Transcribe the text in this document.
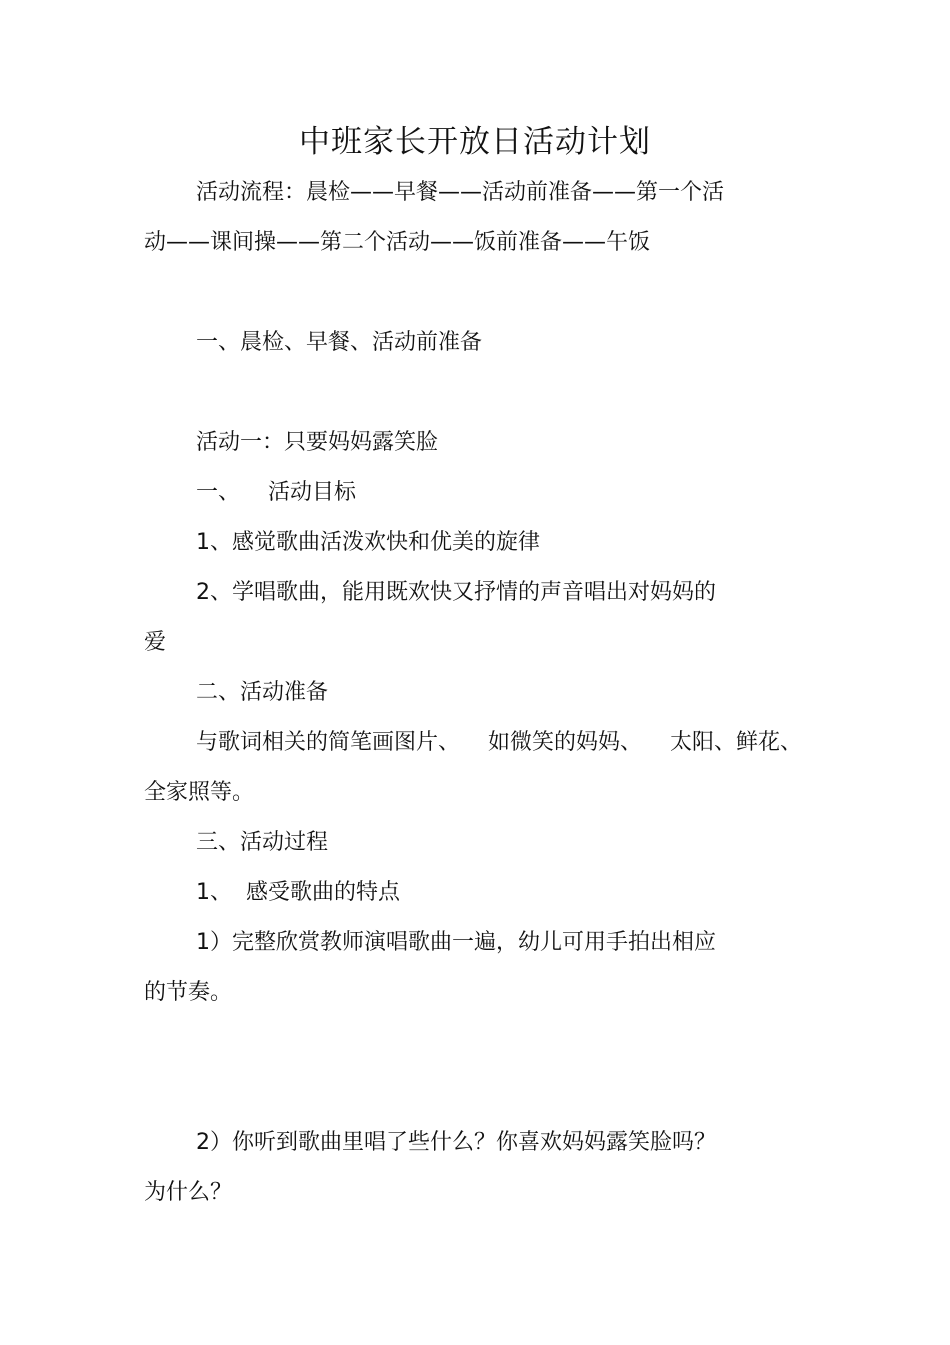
中班家长开放日活动计划
活动流程：晨检——早餐——活动前准备——第一个活
动——课间操——第二个活动——饭前准备——午饭
一、晨检、早餐、活动前准备
活动一：只要妈妈露笑脸
一、 活动目标
1、感觉歌曲活泼欢快和优美的旋律
2、学唱歌曲，能用既欢快又抒情的声音唱出对妈妈的
爱
二、活动准备
与歌词相关的简笔画图片、 如微笑的妈妈、 太阳、鲜花、
全家照等。
三、活动过程
1、 感受歌曲的特点
1）完整欣赏教师演唱歌曲一遍，幼儿可用手拍出相应
的节奏。
2）你听到歌曲里唱了些什么？你喜欢妈妈露笑脸吗？
为什么？
